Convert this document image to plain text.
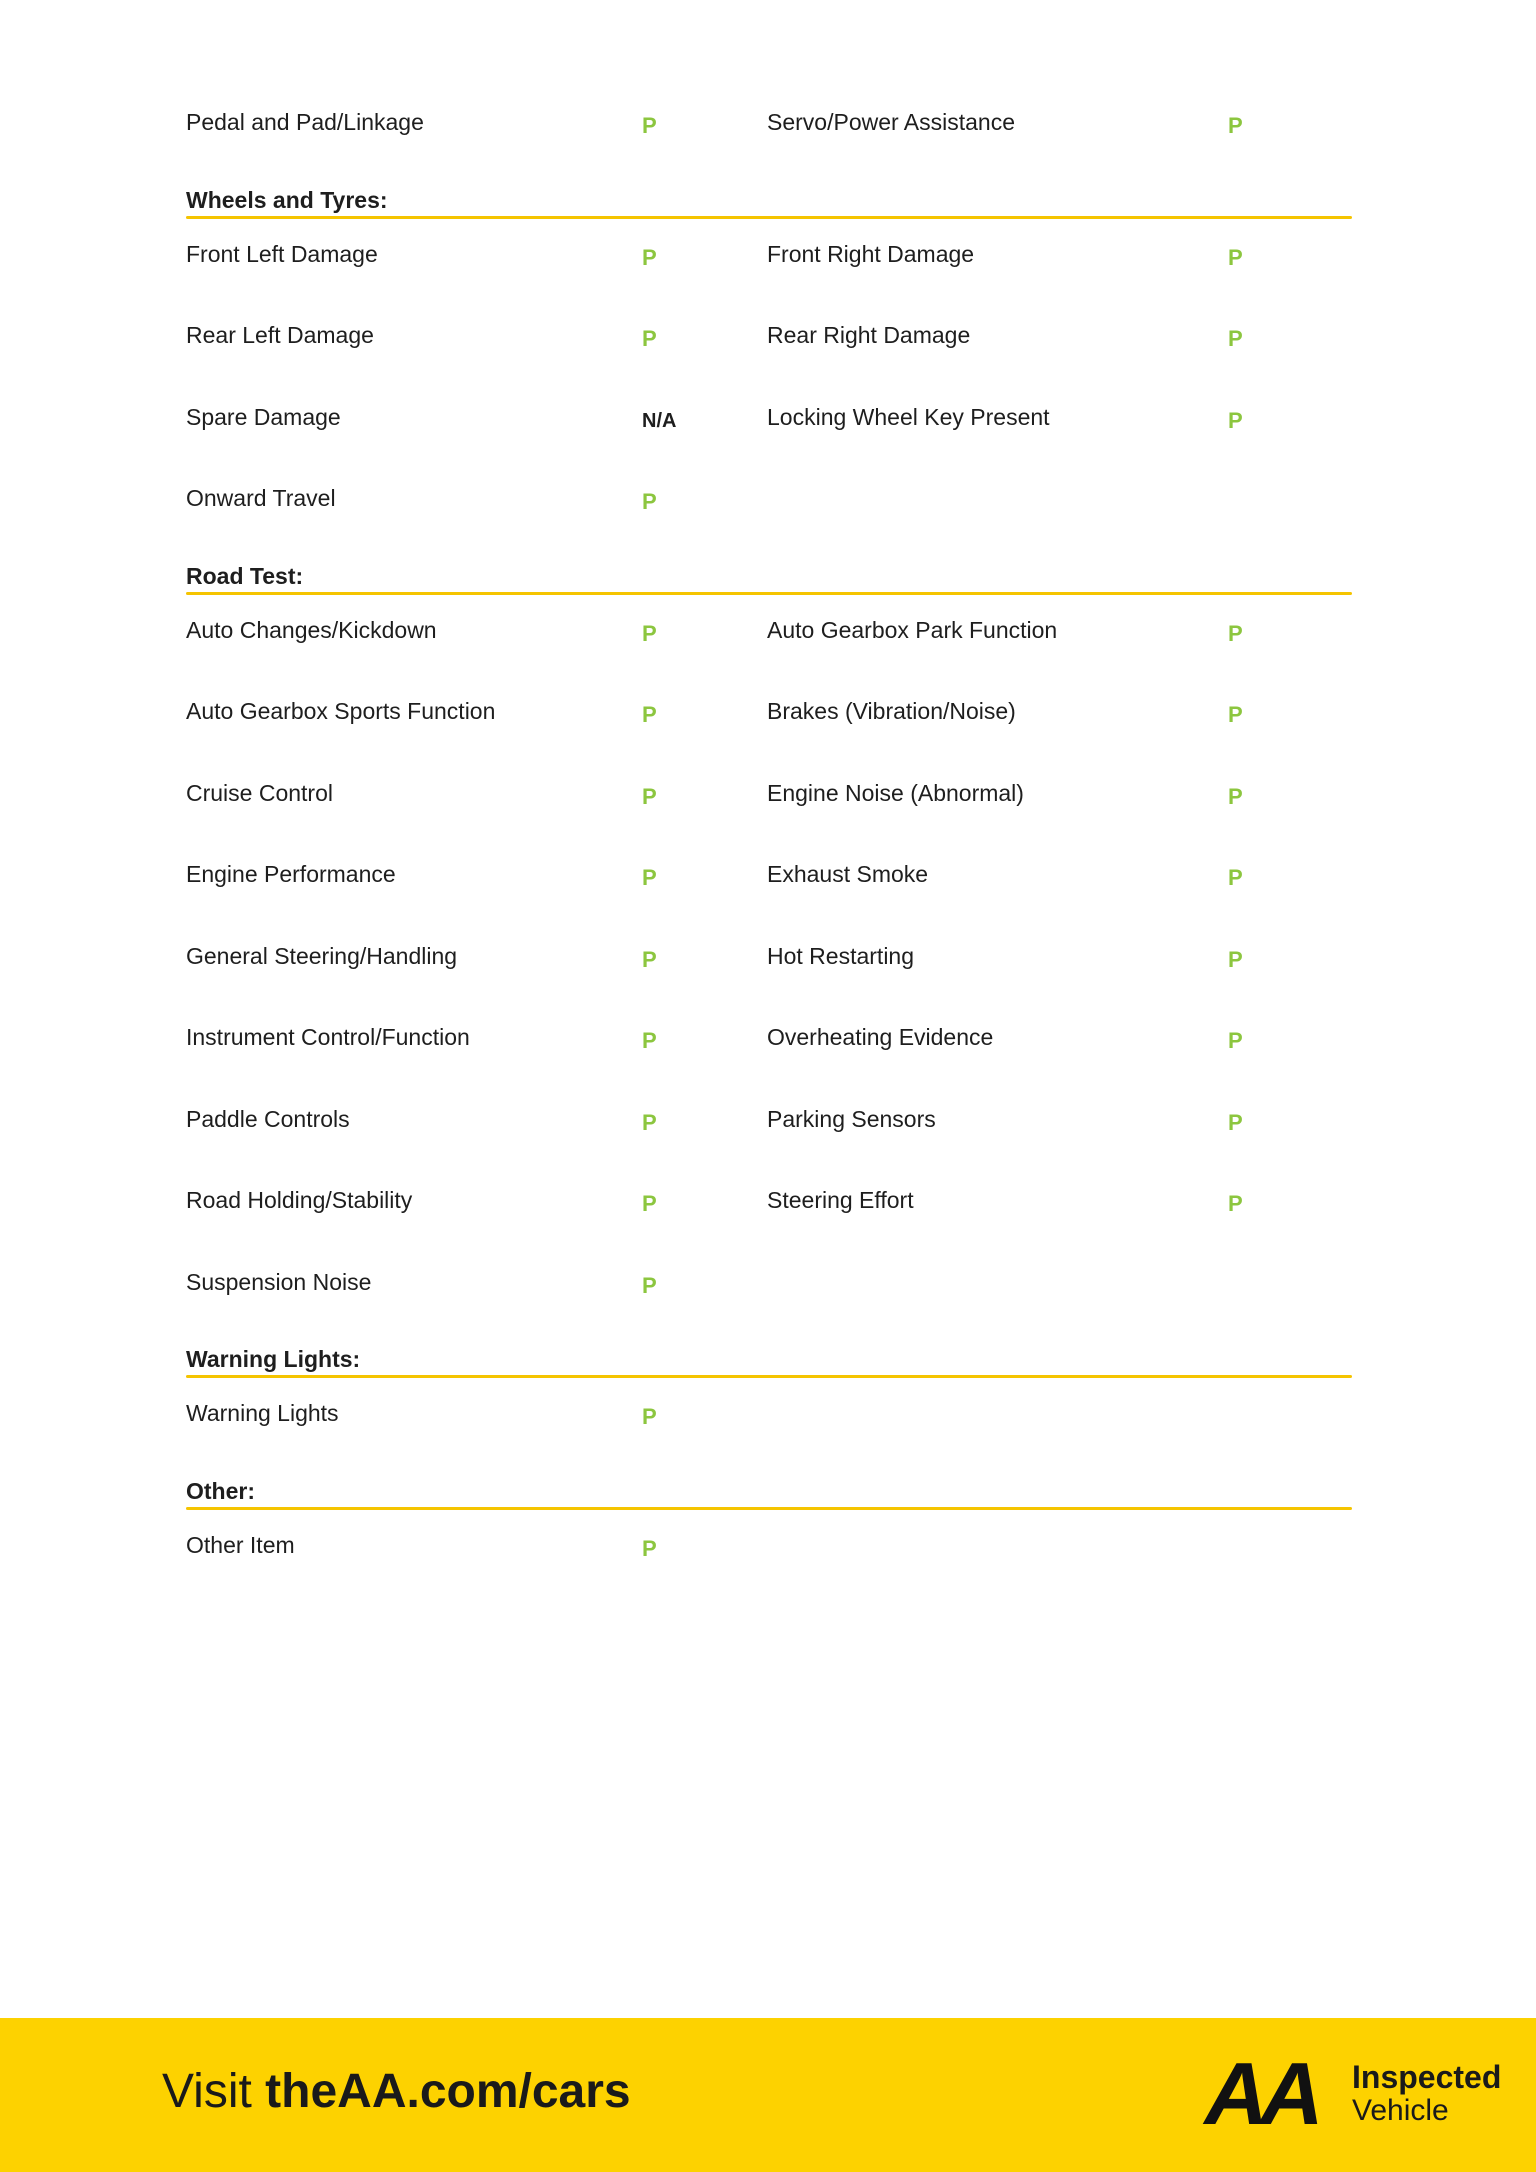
Pedal and Pad/Linkage	P	Servo/Power Assistance	P
Wheels and Tyres:
Front Left Damage	P	Front Right Damage	P
Rear Left Damage	P	Rear Right Damage	P
Spare Damage	N/A	Locking Wheel Key Present	P
Onward Travel	P
Road Test:
Auto Changes/Kickdown	P	Auto Gearbox Park Function	P
Auto Gearbox Sports Function	P	Brakes (Vibration/Noise)	P
Cruise Control	P	Engine Noise (Abnormal)	P
Engine Performance	P	Exhaust Smoke	P
General Steering/Handling	P	Hot Restarting	P
Instrument Control/Function	P	Overheating Evidence	P
Paddle Controls	P	Parking Sensors	P
Road Holding/Stability	P	Steering Effort	P
Suspension Noise	P
Warning Lights:
Warning Lights	P
Other:
Other Item	P
Visit theAA.com/cars	AA Inspected
Vehicle
